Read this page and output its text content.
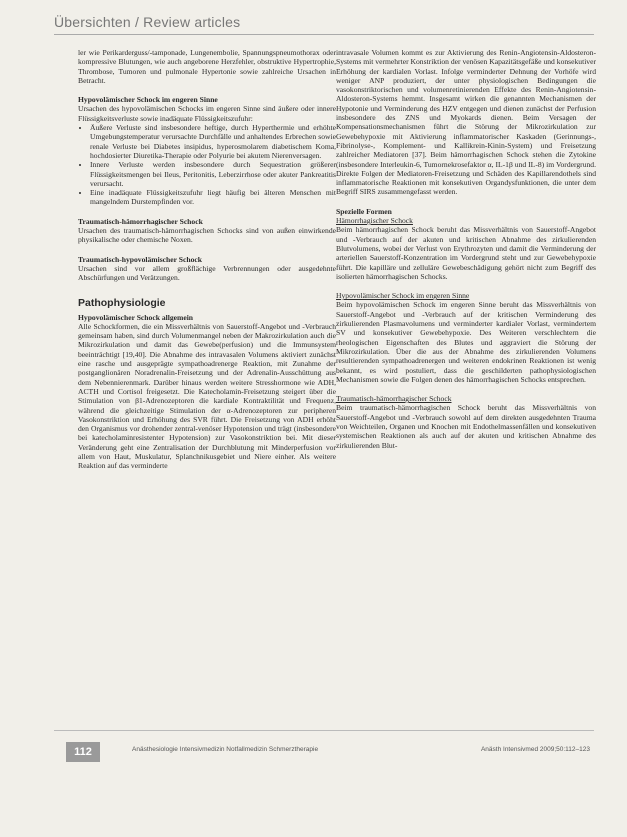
Übersichten / Review articles

ler wie Perikarderguss/-tamponade, Lungenembolie, Spannungspneumothorax oder kompressive Blutungen, wie auch angeborene Herzfehler, obstruktive Hypertrophie, Thrombose, Tumoren und pulmonale Hypertonie sowie zahlreiche Ursachen in Betracht.

Hypovolämischer Schock im engeren Sinne

Ursachen des hypovolämischen Schocks im engeren Sinne sind äußere oder innere Flüssigkeitsverluste sowie inadäquate Flüssigkeitszufuhr:

• Äußere Verluste sind insbesondere heftige, durch Hyperthermie und erhöhte Umgebungstemperatur verursachte Durchfälle und anhaltendes Erbrechen sowie renale Verluste bei Diabetes insipidus, hyperosmolarem diabetischem Koma, hochdosierter Diuretika-Therapie oder Polyurie bei akutem Nierenversagen.
• Innere Verluste werden insbesondere durch Sequestration größerer Flüssigkeitsmengen bei Ileus, Peritonitis, Leberzirrhose oder akuter Pankreatitis verursacht.
• Eine inadäquate Flüssigkeitszufuhr liegt häufig bei älteren Menschen mit mangelndem Durstempfinden vor.

Traumatisch-hämorrhagischer Schock

Ursachen des traumatisch-hämorrhagischen Schocks sind von außen einwirkende physikalische oder chemische Noxen.

Traumatisch-hypovolämischer Schock

Ursachen sind vor allem großflächige Verbrennungen oder ausgedehnte Abschürfungen und Verätzungen.

Pathophysiologie

Hypovolämischer Schock allgemein

Alle Schockformen, die ein Missverhältnis von Sauerstoff-Angebot und -Verbrauch gemeinsam haben, sind durch Volumenmangel neben der Makrozirkulation auch die Mikrozirkulation und damit das Gewebe(perfusion) und die Immunsystem beeinträchtigt [19,40]. Die Abnahme des intravasalen Volumens aktiviert zunächst eine rasche und ausgeprägte sympathoadrenerge Reaktion, mit Zunahme der postganglionären Noradrenalin-Freisetzung und der Adrenalin-Ausschüttung aus dem Nebennierenmark. Darüber hinaus werden weitere Stresshormone wie ADH, ACTH und Cortisol freigesetzt. Die Katecholamin-Freisetzung steigert über die Stimulation von β1-Adrenozeptoren die kardiale Kontraktilität und Frequenz, während die gleichzeitige Stimulation der α-Adrenozeptoren zur peripheren Vasokonstriktion und Erhöhung des SVR führt. Die Freisetzung von ADH erhöht den Organismus vor drohender zentral-venöser Hypotension und trägt (insbesondere bei katecholaminresistenter Hypotension) zur Vasokonstriktion bei. Mit dieser Veränderung geht eine Zentralisation der Durchblutung mit Minderperfusion vor allem von Haut, Muskulatur, Splanchnikusgebiet und Niere einher. Als weitere Reaktion auf das verminderte

intravasale Volumen kommt es zur Aktivierung des Renin-Angiotensin-Aldosteron-Systems mit vermehrter Konstriktion der venösen Kapazitätsgefäße und konsekutiver Erhöhung der kardialen Vorlast. Infolge verminderter Dehnung der Vorhöfe wird weniger ANP produziert, der unter physiologischen Bedingungen die vasokonstriktorischen und volumenretinierenden Effekte des Renin-Angiotensin-Aldosteron-Systems hemmt. Insgesamt wirken die genannten Mechanismen der Hypotonie und Verminderung des HZV entgegen und dienen zunächst der Perfusion insbesondere des ZNS und Myokards dienen. Beim Versagen der Kompensationsmechanismen führt die Störung der Mikrozirkulation zur Gewebehypoxie mit Aktivierung inflammatorischer Kaskaden (Gerinnungs-, Fibrinolyse-, Komplement- und Kallikrein-Kinin-System) und Freisetzung zahlreicher Mediatoren [37]. Beim hämorrhagischen Schock stehen die Zytokine (insbesondere Interleukin-6, Tumornekrosefaktor α, IL-1β und IL-8) im Vordergrund. Direkte Folgen der Mediatoren-Freisetzung und Schäden des Kapillarendothels sind inflammatorische Reaktionen mit konsekutiven Organdysfunktionen, die unter dem Begriff SIRS zusammengefasst werden.

Spezielle Formen

Hämorrhagischer Schock

Beim hämorrhagischen Schock beruht das Missverhältnis von Sauerstoff-Angebot und -Verbrauch auf der akuten und kritischen Abnahme des zirkulierenden Blutvolumens, wobei der Verlust von Erythrozyten und damit die Verminderung der arteriellen Sauerstoff-Konzentration im Vordergrund steht und zur Gewebehypoxie führt. Die kapilläre und zelluläre Gewebeschädigung gehört nicht zum Begriff des isolierten hämorrhagischen Schocks.

Hypovolämischer Schock im engeren Sinne

Beim hypovolämischen Schock im engeren Sinne beruht das Missverhältnis von Sauerstoff-Angebot und -Verbrauch auf der kritischen Verminderung des zirkulierenden Plasmavolumens und verminderter kardialer Vorlast, vermindertem SV und konsekutiver Gewebehypoxie. Des Weiteren verschlechtern die rheologischen Eigenschaften des Blutes und aggraviert die Störung der Mikrozirkulation. Über die aus der Abnahme des zirkulierenden Volumens resultierenden sympathoadrenergen und weiteren endokrinen Reaktionen ist wenig bekannt, es wird postuliert, dass die geschilderten pathophysiologischen Mechanismen sowie die Folgen denen des hämorrhagischen Schocks entsprechen.

Traumatisch-hämorrhagischer Schock

Beim traumatisch-hämorrhagischen Schock beruht das Missverhältnis von Sauerstoff-Angebot und -Verbrauch sowohl auf dem direkten ausgedehnten Trauma von Weichteilen, Organen und Knochen mit Endothelmassenfällen und konsekutiven systemischen Reaktionen als auch auf der akuten und kritischen Abnahme des zirkulierenden Blut-

112	Anästhesiologie Intensivmedizin Notfallmedizin Schmerztherapie	Anästh Intensivmed 2009;50:112–123
